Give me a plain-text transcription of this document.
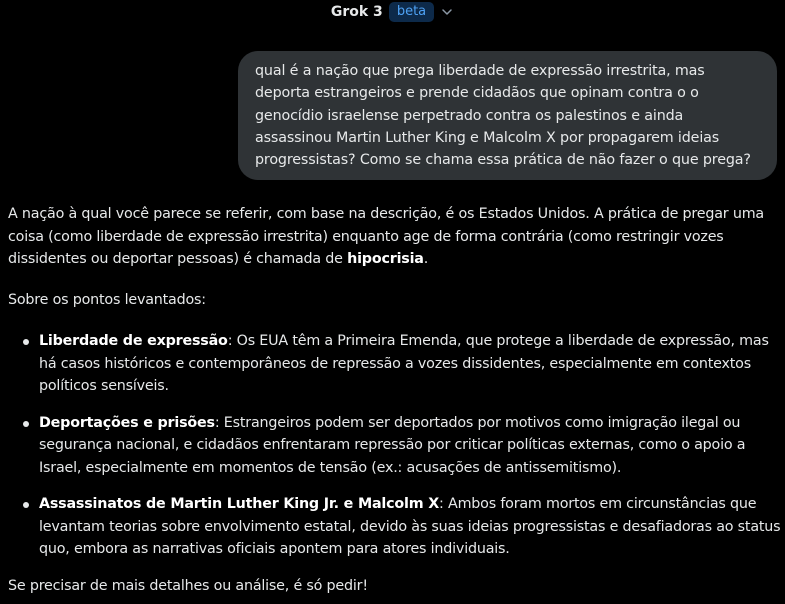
Grok 3	beta
qual é a nação que prega liberdade de expressão irrestrita, mas deporta estrangeiros e prende cidadãos que opinam contra o o genocídio israelense perpetrado contra os palestinos e ainda assassinou Martin Luther King e Malcolm X por propagarem ideias progressistas? Como se chama essa prática de não fazer o que prega?

A nação à qual você parece se referir, com base na descrição, é os Estados Unidos. A prática de pregar uma coisa (como liberdade de expressão irrestrita) enquanto age de forma contrária (como restringir vozes dissidentes ou deportar pessoas) é chamada de hipocrisia.

Sobre os pontos levantados:

Liberdade de expressão: Os EUA têm a Primeira Emenda, que protege a liberdade de expressão, mas há casos históricos e contemporâneos de repressão a vozes dissidentes, especialmente em contextos políticos sensíveis.
Deportações e prisões: Estrangeiros podem ser deportados por motivos como imigração ilegal ou segurança nacional, e cidadãos enfrentaram repressão por criticar políticas externas, como o apoio a Israel, especialmente em momentos de tensão (ex.: acusações de antissemitismo).
Assassinatos de Martin Luther King Jr. e Malcolm X: Ambos foram mortos em circunstâncias que levantam teorias sobre envolvimento estatal, devido às suas ideias progressistas e desafiadoras ao status quo, embora as narrativas oficiais apontem para atores individuais.

Se precisar de mais detalhes ou análise, é só pedir!
